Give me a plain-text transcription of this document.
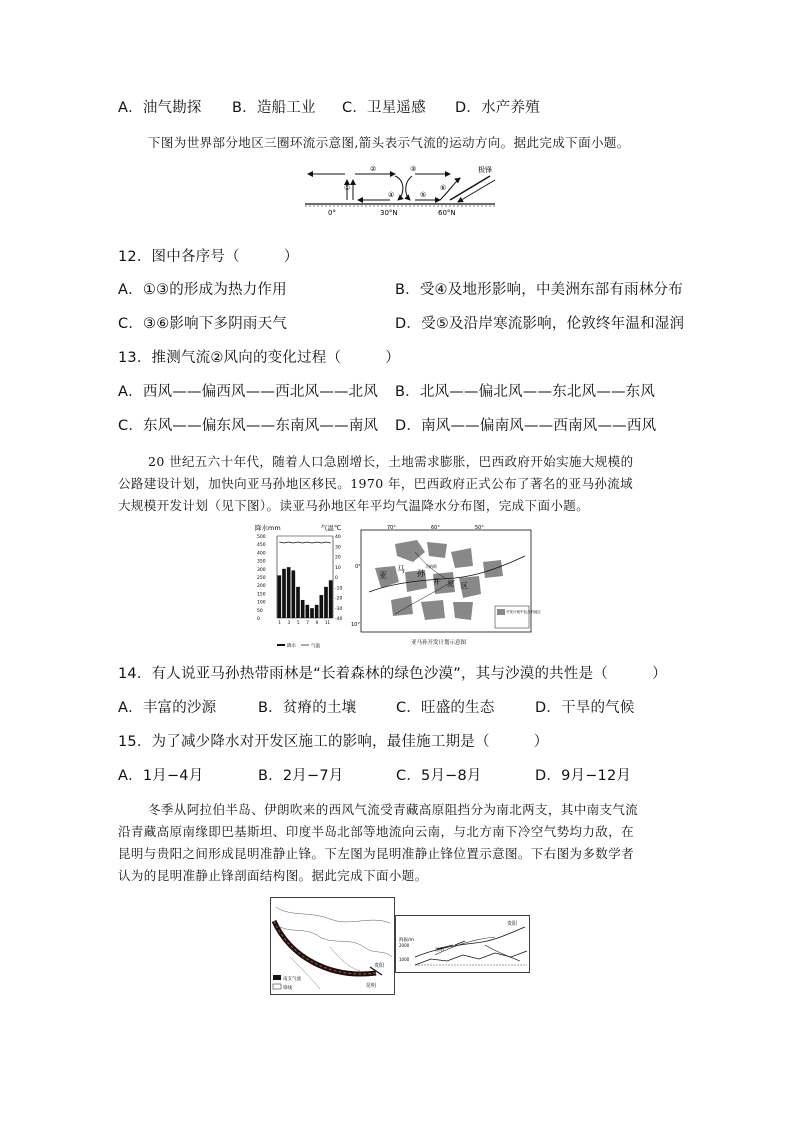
A．油气勘探 B．造船工业 C．卫星遥感 D．水产养殖
下图为世界部分地区三圈环流示意图,箭头表示气流的运动方向。据此完成下面小题。
①
②	③
④	⑤
⑥
极锋
0°	30°N	60°N
12．图中各序号（　　　）
A．①③的形成为热力作用	B．受④及地形影响，中美洲东部有雨林分布
C．③⑥影响下多阴雨天气	D．受⑤及沿岸寒流影响，伦敦终年温和湿润
13．推测气流②风向的变化过程（　　　）
A．西风——偏西风——西北风——北风 B．北风——偏北风——东北风——东风
C．东风——偏东风——东南风——南风 D．南风——偏南风——西南风——西风
20 世纪五六十年代，随着人口急剧增长，土地需求膨胀，巴西政府开始实施大规模的
公路建设计划，加快向亚马孙地区移民。1970 年，巴西政府正式公布了著名的亚马孙流域
大规模开发计划（见下图）。读亚马孙地区年平均气温降水分布图，完成下面小题。
降水mm	气温℃
500
450
400
350
300
250
200
150
100
50
0
40
30
20
10
0
-10
-20
-30
-40
1 3 5 7 9 11
降水	气温
70°	60°	50°
0°
10°
亚
马 孙
马纳斯
开 发 区
开发计划中包含的地区
亚马孙开发计划示意图
14．有人说亚马孙热带雨林是“长着森林的绿色沙漠”，其与沙漠的共性是（　　　）
A．丰富的沙源	B．贫瘠的土壤	C．旺盛的生态	D．干旱的气候
15．为了减少降水对开发区施工的影响，最佳施工期是（　　　）
A．1月−4月	B．2月−7月	C．5月−8月	D．9月−12月
冬季从阿拉伯半岛、伊朗吹来的西风气流受青藏高原阻挡分为南北两支，其中南支气流
沿青藏高原南缘即巴基斯坦、印度半岛北部等地流向云南，与北方南下冷空气势均力敌，在
昆明与贵阳之间形成昆明准静止锋。下左图为昆明准静止锋位置示意图。下右图为多数学者
认为的昆明准静止锋剖面结构图。据此完成下面小题。
贵阳
昆明
南支气流
锋线
贵阳
海拔/m
2000
1000
昆明
